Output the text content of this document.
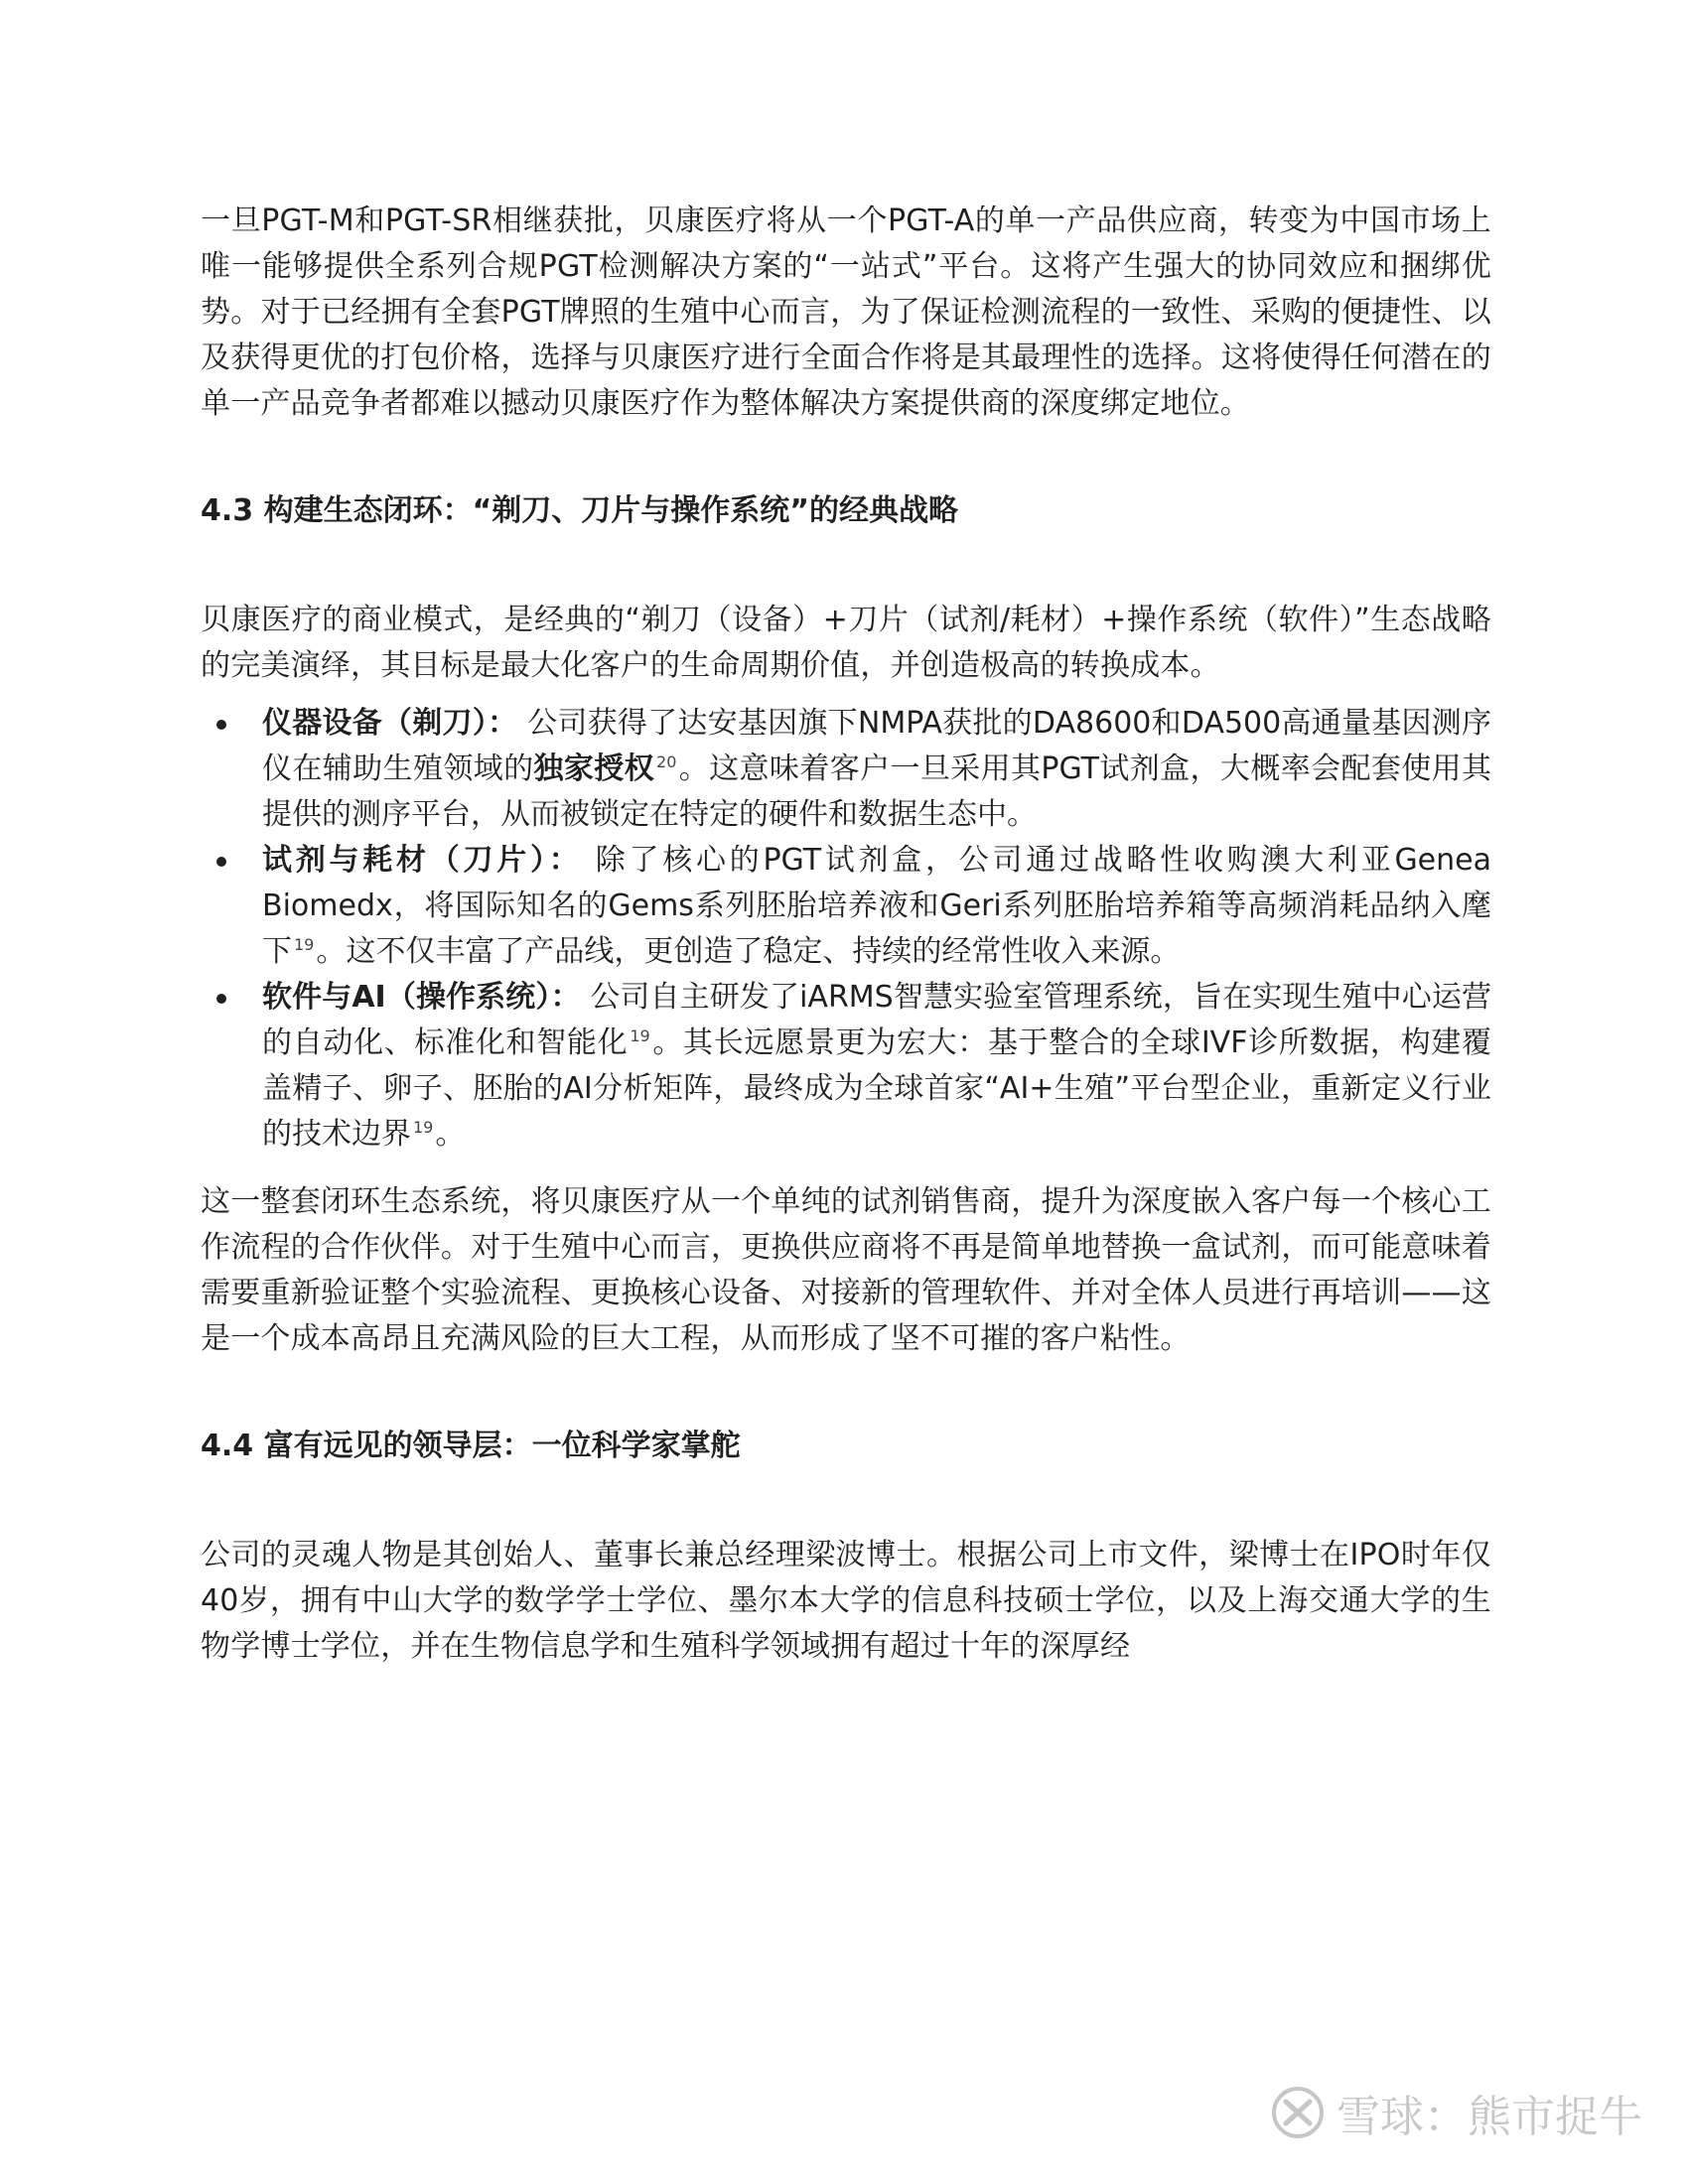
一旦PGT-M和PGT-SR相继获批，贝康医疗将从一个PGT-A的单一产品供应商，转变为中国市场上唯一能够提供全系列合规PGT检测解决方案的“一站式”平台。这将产生强大的协同效应和捆绑优势。对于已经拥有全套PGT牌照的生殖中心而言，为了保证检测流程的一致性、采购的便捷性、以及获得更优的打包价格，选择与贝康医疗进行全面合作将是其最理性的选择。这将使得任何潜在的单一产品竞争者都难以撼动贝康医疗作为整体解决方案提供商的深度绑定地位。

4.3 构建生态闭环：“剃刀、刀片与操作系统”的经典战略

贝康医疗的商业模式，是经典的“剃刀（设备）+刀片（试剂/耗材）+操作系统（软件）”生态战略的完美演绎，其目标是最大化客户的生命周期价值，并创造极高的转换成本。

仪器设备（剃刀）： 公司获得了达安基因旗下NMPA获批的DA8600和DA500高通量基因测序仪在辅助生殖领域的独家授权 $^{20}$。这意味着客户一旦采用其PGT试剂盒，大概率会配套使用其提供的测序平台，从而被锁定在特定的硬件和数据生态中。
试剂与耗材（刀片）： 除了核心的PGT试剂盒，公司通过战略性收购澳大利亚Genea Biomedx，将国际知名的Gems系列胚胎培养液和Geri系列胚胎培养箱等高频消耗品纳入麾下 $^{19}$。这不仅丰富了产品线，更创造了稳定、持续的经常性收入来源。
软件与AI（操作系统）： 公司自主研发了iARMS智慧实验室管理系统，旨在实现生殖中心运营的自动化、标准化和智能化 $^{19}$。其长远愿景更为宏大：基于整合的全球IVF诊所数据，构建覆盖精子、卵子、胚胎的AI分析矩阵，最终成为全球首家“AI+生殖”平台型企业，重新定义行业的技术边界 $^{19}$。

这一整套闭环生态系统，将贝康医疗从一个单纯的试剂销售商，提升为深度嵌入客户每一个核心工作流程的合作伙伴。对于生殖中心而言，更换供应商将不再是简单地替换一盒试剂，而可能意味着需要重新验证整个实验流程、更换核心设备、对接新的管理软件、并对全体人员进行再培训——这是一个成本高昂且充满风险的巨大工程，从而形成了坚不可摧的客户粘性。

4.4 富有远见的领导层：一位科学家掌舵

公司的灵魂人物是其创始人、董事长兼总经理梁波博士。根据公司上市文件，梁博士在IPO时年仅40岁，拥有中山大学的数学学士学位、墨尔本大学的信息科技硕士学位，以及上海交通大学的生物学博士学位，并在生物信息学和生殖科学领域拥有超过十年的深厚经

雪球：熊市捉牛
